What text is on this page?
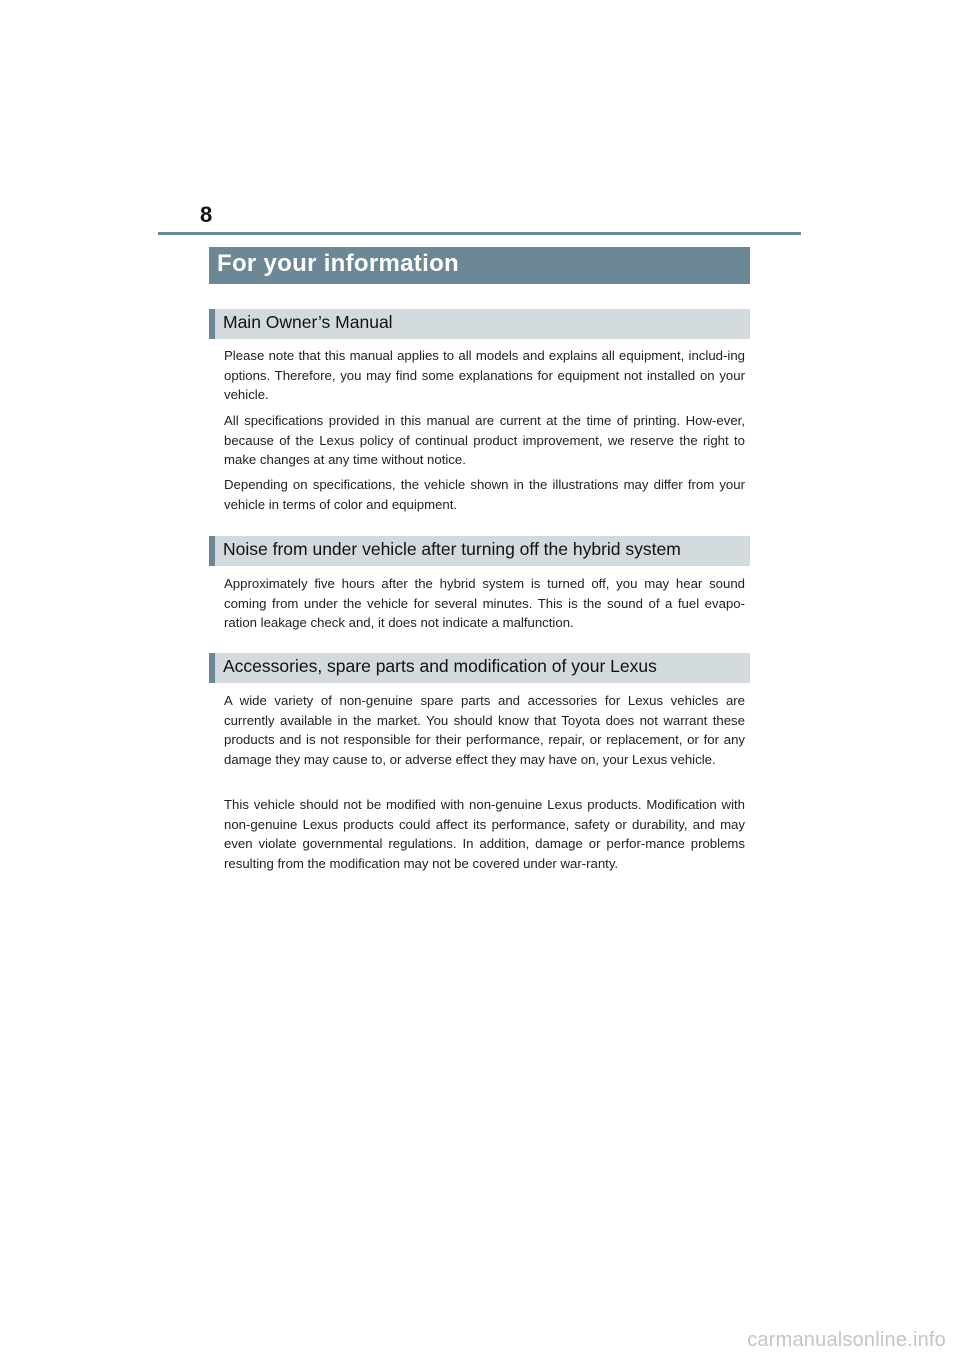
8
For your information
Main Owner’s Manual

Please note that this manual applies to all models and explains all equipment, includ-ing options. Therefore, you may find some explanations for equipment not installed on your vehicle.

All specifications provided in this manual are current at the time of printing. How-ever, because of the Lexus policy of continual product improvement, we reserve the right to make changes at any time without notice.

Depending on specifications, the vehicle shown in the illustrations may differ from your vehicle in terms of color and equipment.

Noise from under vehicle after turning off the hybrid system

Approximately five hours after the hybrid system is turned off, you may hear sound coming from under the vehicle for several minutes. This is the sound of a fuel evapo-ration leakage check and, it does not indicate a malfunction.

Accessories, spare parts and modification of your Lexus

A wide variety of non-genuine spare parts and accessories for Lexus vehicles are currently available in the market. You should know that Toyota does not warrant these products and is not responsible for their performance, repair, or replacement, or for any damage they may cause to, or adverse effect they may have on, your Lexus vehicle.

This vehicle should not be modified with non-genuine Lexus products. Modification with non-genuine Lexus products could affect its performance, safety or durability, and may even violate governmental regulations. In addition, damage or perfor-mance problems resulting from the modification may not be covered under war-ranty.

carmanualsonline.info
